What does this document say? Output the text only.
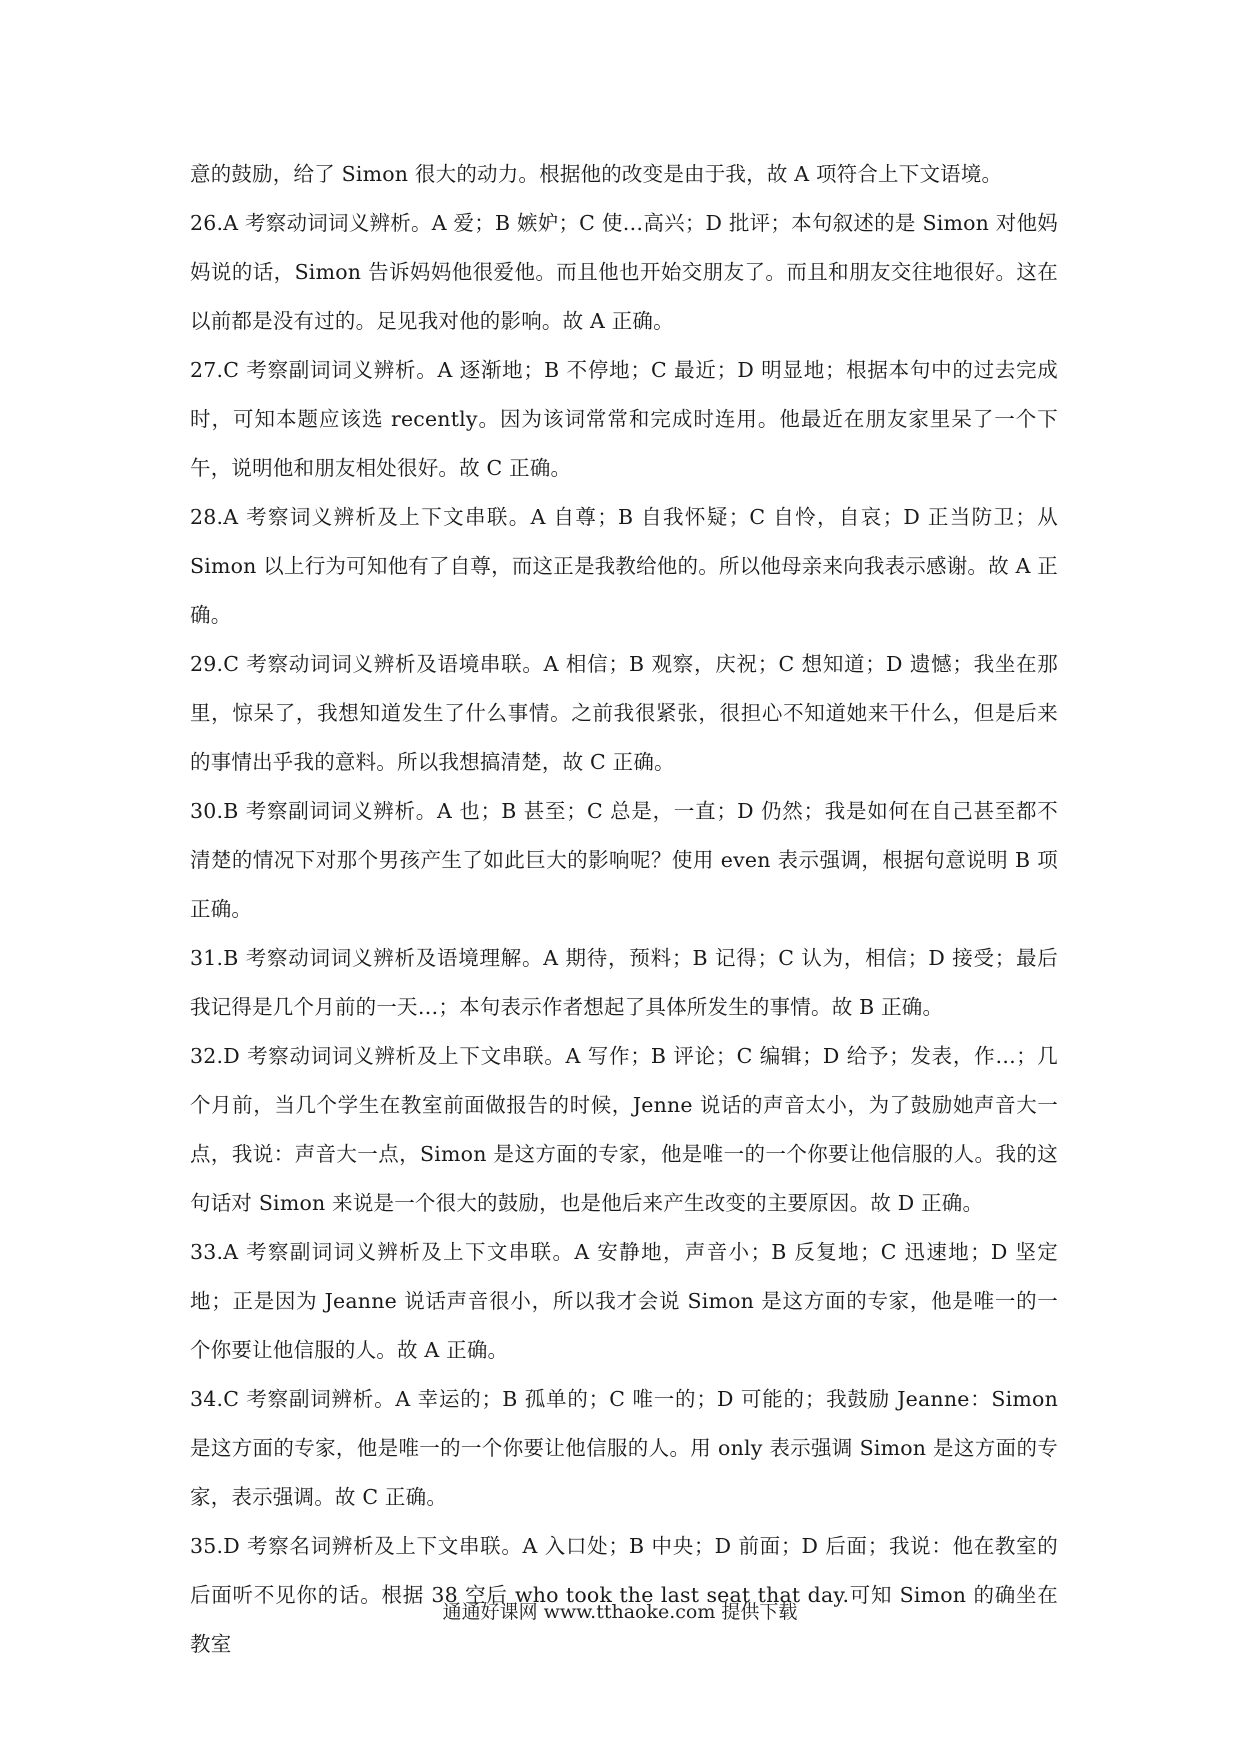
意的鼓励，给了 Simon 很大的动力。根据他的改变是由于我，故 A 项符合上下文语境。

26.A 考察动词词义辨析。A 爱；B 嫉妒；C 使…高兴；D 批评；本句叙述的是 Simon 对他妈妈说的话，Simon 告诉妈妈他很爱他。而且他也开始交朋友了。而且和朋友交往地很好。这在以前都是没有过的。足见我对他的影响。故 A 正确。

27.C 考察副词词义辨析。A 逐渐地；B 不停地；C 最近；D 明显地；根据本句中的过去完成时，可知本题应该选 recently。因为该词常常和完成时连用。他最近在朋友家里呆了一个下午，说明他和朋友相处很好。故 C 正确。

28.A 考察词义辨析及上下文串联。A 自尊；B 自我怀疑；C 自怜，自哀；D 正当防卫；从 Simon 以上行为可知他有了自尊，而这正是我教给他的。所以他母亲来向我表示感谢。故 A 正确。

29.C 考察动词词义辨析及语境串联。A 相信；B 观察，庆祝；C 想知道；D 遗憾；我坐在那里，惊呆了，我想知道发生了什么事情。之前我很紧张，很担心不知道她来干什么，但是后来的事情出乎我的意料。所以我想搞清楚，故 C 正确。

30.B 考察副词词义辨析。A 也；B 甚至；C 总是，一直；D 仍然；我是如何在自己甚至都不清楚的情况下对那个男孩产生了如此巨大的影响呢？使用 even 表示强调，根据句意说明 B 项正确。

31.B 考察动词词义辨析及语境理解。A 期待，预料；B 记得；C 认为，相信；D 接受；最后我记得是几个月前的一天…；本句表示作者想起了具体所发生的事情。故 B 正确。

32.D 考察动词词义辨析及上下文串联。A 写作；B 评论；C 编辑；D 给予；发表，作…；几个月前，当几个学生在教室前面做报告的时候，Jenne 说话的声音太小，为了鼓励她声音大一点，我说：声音大一点，Simon 是这方面的专家，他是唯一的一个你要让他信服的人。我的这句话对 Simon 来说是一个很大的鼓励，也是他后来产生改变的主要原因。故 D 正确。

33.A 考察副词词义辨析及上下文串联。A 安静地，声音小；B 反复地；C 迅速地；D 坚定地；正是因为 Jeanne 说话声音很小，所以我才会说 Simon 是这方面的专家，他是唯一的一个你要让他信服的人。故 A 正确。

34.C 考察副词辨析。A 幸运的；B 孤单的；C 唯一的；D 可能的；我鼓励 Jeanne：Simon 是这方面的专家，他是唯一的一个你要让他信服的人。用 only 表示强调 Simon 是这方面的专家，表示强调。故 C 正确。

35.D 考察名词辨析及上下文串联。A 入口处；B 中央；D 前面；D 后面；我说：他在教室的后面听不见你的话。根据 38 空后 who took the last seat that day.可知 Simon 的确坐在教室

通通好课网 www.tthaoke.com 提供下载
